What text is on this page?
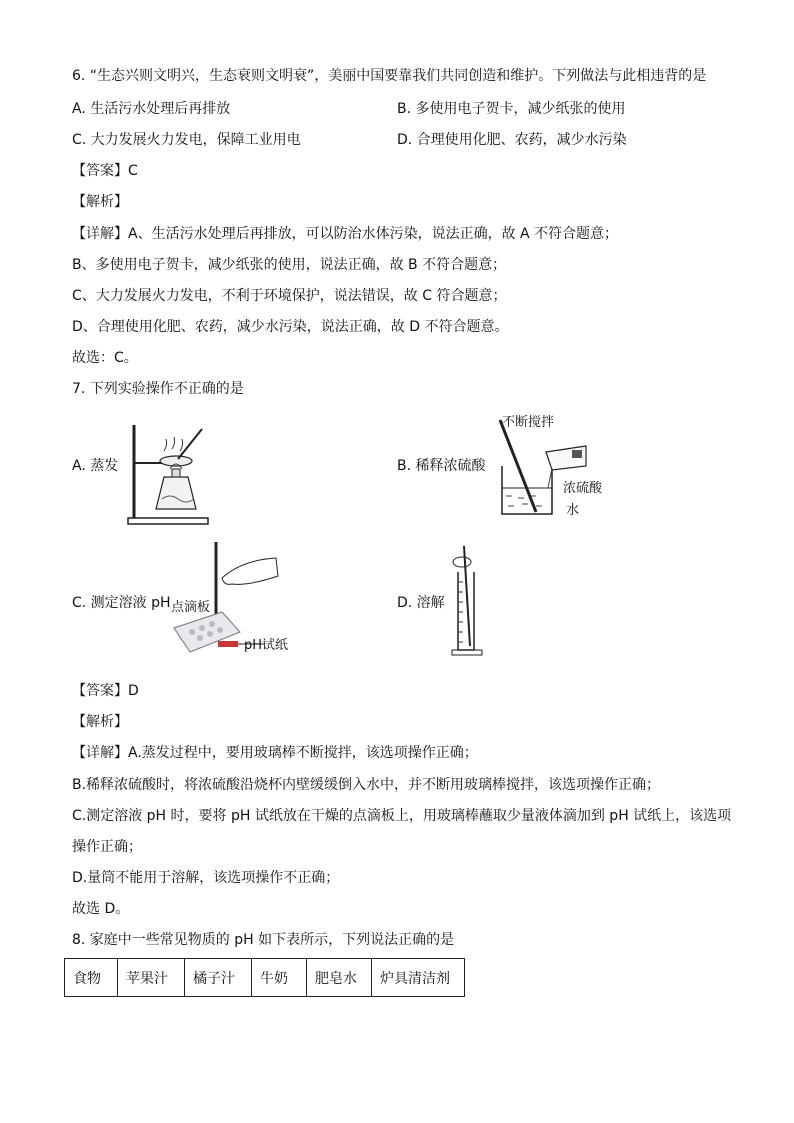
6. “生态兴则文明兴，生态衰则文明衰”，美丽中国要靠我们共同创造和维护。下列做法与此相违背的是
A. 生活污水处理后再排放	B. 多使用电子贺卡，减少纸张的使用
C. 大力发展火力发电，保障工业用电	D. 合理使用化肥、农药，减少水污染
【答案】C
【解析】
【详解】A、生活污水处理后再排放，可以防治水体污染，说法正确，故 A 不符合题意；
B、多使用电子贺卡，减少纸张的使用，说法正确，故 B 不符合题意；
C、大力发展火力发电，不利于环境保护，说法错误，故 C 符合题意；
D、合理使用化肥、农药，减少水污染，说法正确，故 D 不符合题意。
故选：C。
7. 下列实验操作不正确的是
A. 蒸发	B. 稀释浓硫酸
不断搅拌
浓硫酸
水
C. 测定溶液 pH 点滴板
pH试纸
D. 溶解
【答案】D
【解析】
【详解】A.蒸发过程中，要用玻璃棒不断搅拌，该选项操作正确；
B.稀释浓硫酸时，将浓硫酸沿烧杯内壁缓缓倒入水中，并不断用玻璃棒搅拌，该选项操作正确；
C.测定溶液 pH 时，要将 pH 试纸放在干燥的点滴板上，用玻璃棒蘸取少量液体滴加到 pH 试纸上，该选项
操作正确；
D.量筒不能用于溶解，该选项操作不正确；
故选 D。
8. 家庭中一些常见物质的 pH 如下表所示，下列说法正确的是
食物	苹果汁	橘子汁	牛奶	肥皂水	炉具清洁剂
